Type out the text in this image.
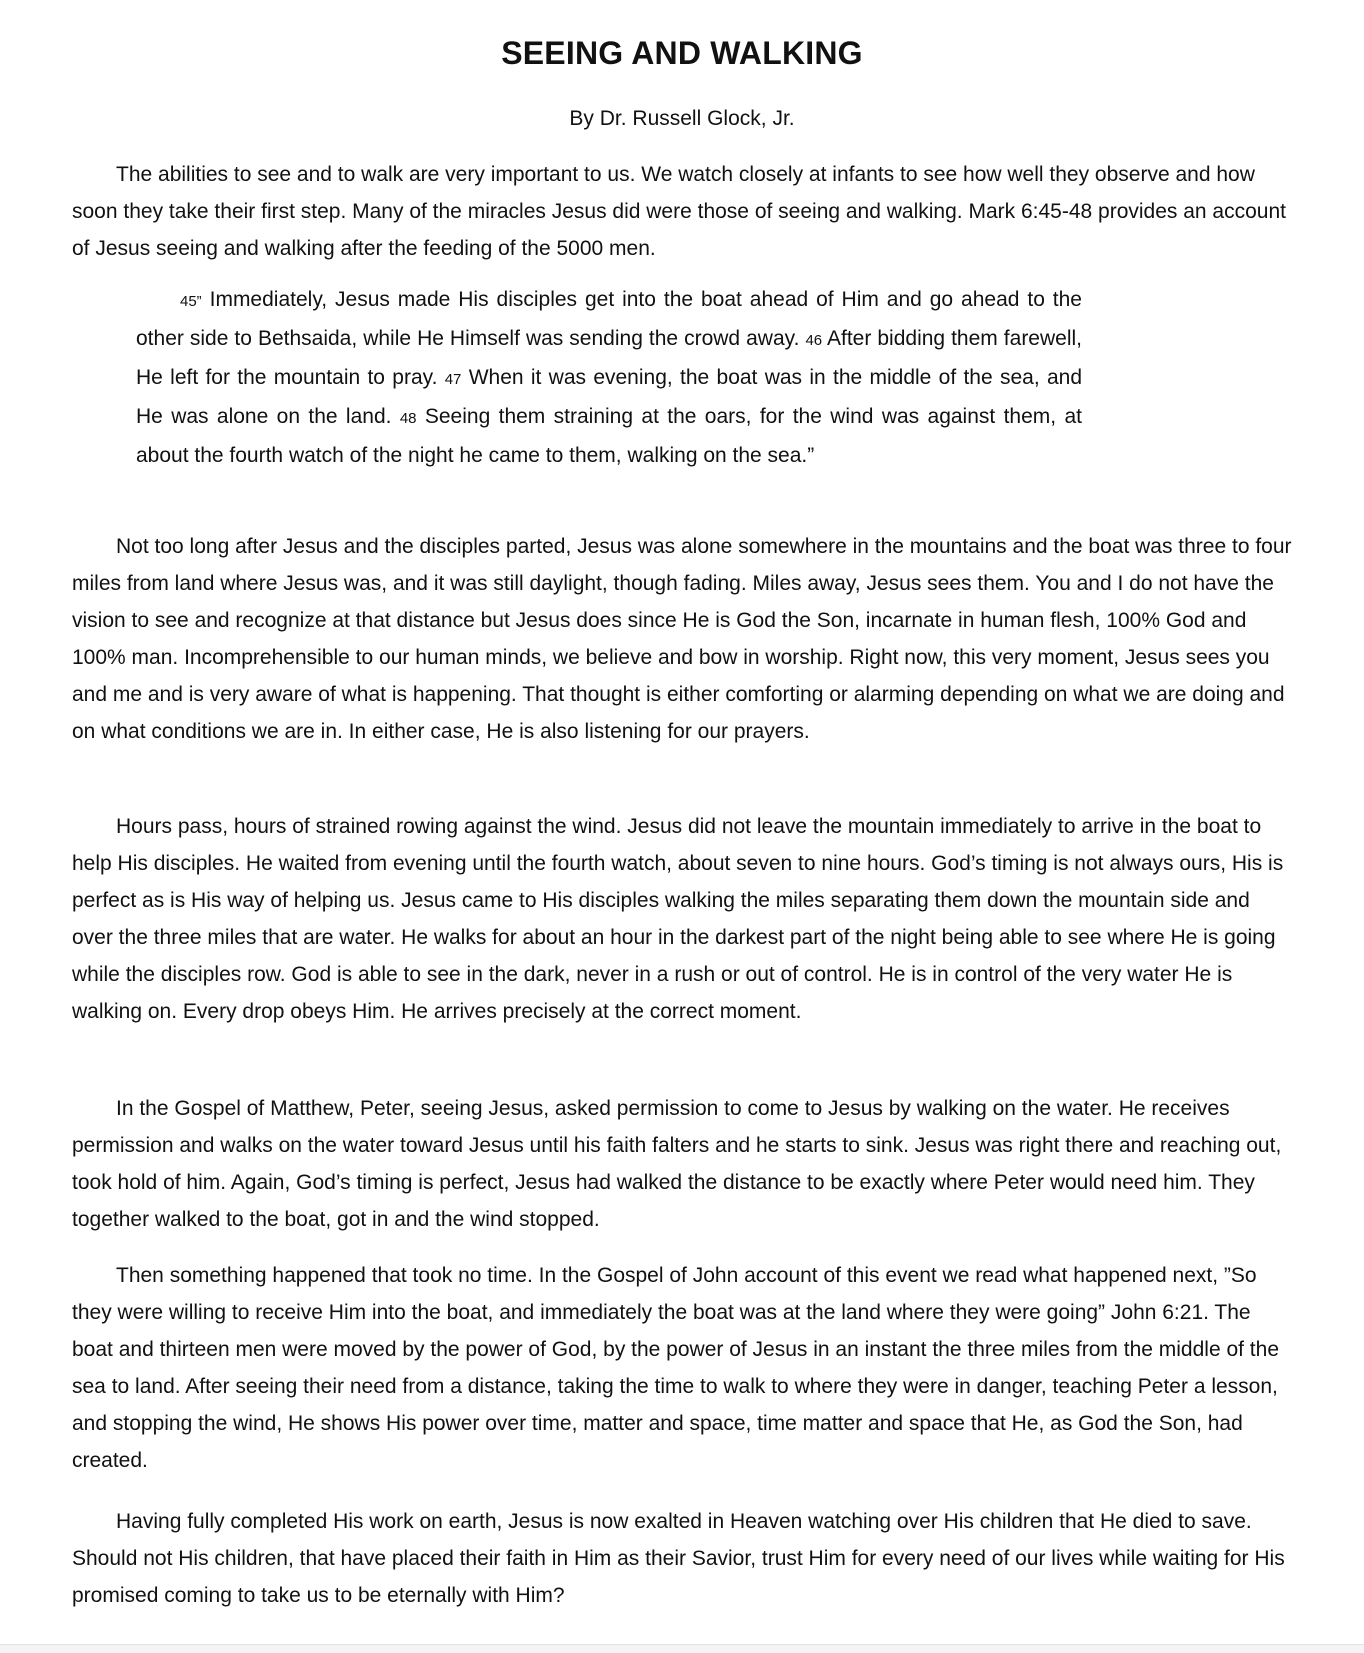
SEEING AND WALKING

By Dr. Russell Glock, Jr.

The abilities to see and to walk are very important to us. We watch closely at infants to see how well they observe and how soon they take their first step. Many of the miracles Jesus did were those of seeing and walking. Mark 6:45-48 provides an account of Jesus seeing and walking after the feeding of the 5000 men.

45” Immediately, Jesus made His disciples get into the boat ahead of Him and go ahead to the other side to Bethsaida, while He Himself was sending the crowd away. 46 After bidding them farewell, He left for the mountain to pray. 47 When it was evening, the boat was in the middle of the sea, and He was alone on the land. 48 Seeing them straining at the oars, for the wind was against them, at about the fourth watch of the night he came to them, walking on the sea.”

Not too long after Jesus and the disciples parted, Jesus was alone somewhere in the mountains and the boat was three to four miles from land where Jesus was, and it was still daylight, though fading. Miles away, Jesus sees them. You and I do not have the vision to see and recognize at that distance but Jesus does since He is God the Son, incarnate in human flesh, 100% God and 100% man. Incomprehensible to our human minds, we believe and bow in worship. Right now, this very moment, Jesus sees you and me and is very aware of what is happening. That thought is either comforting or alarming depending on what we are doing and on what conditions we are in. In either case, He is also listening for our prayers.

Hours pass, hours of strained rowing against the wind. Jesus did not leave the mountain immediately to arrive in the boat to help His disciples. He waited from evening until the fourth watch, about seven to nine hours. God’s timing is not always ours, His is perfect as is His way of helping us. Jesus came to His disciples walking the miles separating them down the mountain side and over the three miles that are water. He walks for about an hour in the darkest part of the night being able to see where He is going while the disciples row. God is able to see in the dark, never in a rush or out of control. He is in control of the very water He is walking on. Every drop obeys Him. He arrives precisely at the correct moment.

In the Gospel of Matthew, Peter, seeing Jesus, asked permission to come to Jesus by walking on the water. He receives permission and walks on the water toward Jesus until his faith falters and he starts to sink. Jesus was right there and reaching out, took hold of him. Again, God’s timing is perfect, Jesus had walked the distance to be exactly where Peter would need him. They together walked to the boat, got in and the wind stopped.

Then something happened that took no time. In the Gospel of John account of this event we read what happened next, ”So they were willing to receive Him into the boat, and immediately the boat was at the land where they were going” John 6:21. The boat and thirteen men were moved by the power of God, by the power of Jesus in an instant the three miles from the middle of the sea to land. After seeing their need from a distance, taking the time to walk to where they were in danger, teaching Peter a lesson, and stopping the wind, He shows His power over time, matter and space, time matter and space that He, as God the Son, had created.

Having fully completed His work on earth, Jesus is now exalted in Heaven watching over His children that He died to save. Should not His children, that have placed their faith in Him as their Savior, trust Him for every need of our lives while waiting for His promised coming to take us to be eternally with Him?
